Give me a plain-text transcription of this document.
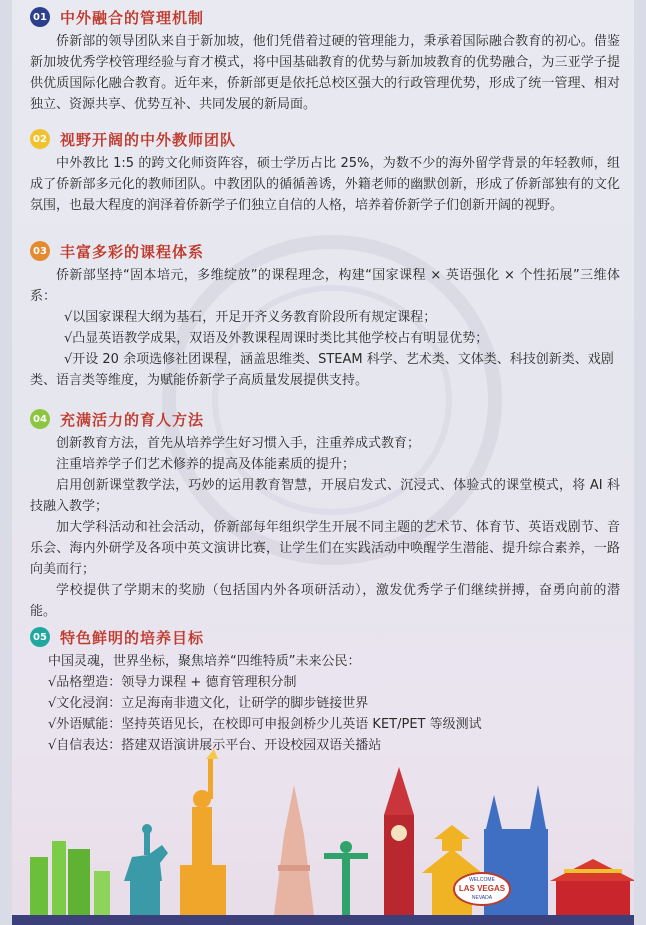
01 中外融合的管理机制

侨新部的领导团队来自于新加坡，他们凭借着过硬的管理能力，秉承着国际融合教育的初心。借鉴新加坡优秀学校管理经验与育才模式，将中国基础教育的优势与新加坡教育的优势融合，为三亚学子提供优质国际化融合教育。近年来，侨新部更是依托总校区强大的行政管理优势，形成了统一管理、相对独立、资源共享、优势互补、共同发展的新局面。

02 视野开阔的中外教师团队

中外教比 1:5 的跨文化师资阵容，硕士学历占比 25%，为数不少的海外留学背景的年轻教师，组成了侨新部多元化的教师团队。中教团队的循循善诱，外籍老师的幽默创新，形成了侨新部独有的文化氛围，也最大程度的润泽着侨新学子们独立自信的人格，培养着侨新学子们创新开阔的视野。

03 丰富多彩的课程体系

侨新部坚持“固本培元，多维绽放”的课程理念，构建“国家课程 × 英语强化 × 个性拓展”三维体系：

√以国家课程大纲为基石，开足开齐义务教育阶段所有规定课程；

√凸显英语教学成果，双语及外教课程周课时类比其他学校占有明显优势；

√开设 20 余项选修社团课程，涵盖思维类、STEAM 科学、艺术类、文体类、科技创新类、戏剧类、语言类等维度，为赋能侨新学子高质量发展提供支持。

04 充满活力的育人方法

创新教育方法，首先从培养学生好习惯入手，注重养成式教育；

注重培养学子们艺术修养的提高及体能素质的提升；

启用创新课堂教学法，巧妙的运用教育智慧，开展启发式、沉浸式、体验式的课堂模式，将 AI 科技融入教学；

加大学科活动和社会活动，侨新部每年组织学生开展不同主题的艺术节、体育节、英语戏剧节、音乐会、海内外研学及各项中英文演讲比赛，让学生们在实践活动中唤醒学生潜能、提升综合素养，一路向美而行；

学校提供了学期末的奖励（包括国内外各项研活动），激发优秀学子们继续拼搏，奋勇向前的潜能。

05 特色鲜明的培养目标

中国灵魂，世界坐标，聚焦培养“四维特质”未来公民：

√品格塑造：领导力课程 + 德育管理积分制

√文化浸润：立足海南非遗文化，让研学的脚步链接世界

√外语赋能：坚持英语见长，在校即可申报剑桥少儿英语 KET/PET 等级测试

√自信表达：搭建双语演讲展示平台、开设校园双语关播站

WELCOME
LAS VEGAS
NEVADA
